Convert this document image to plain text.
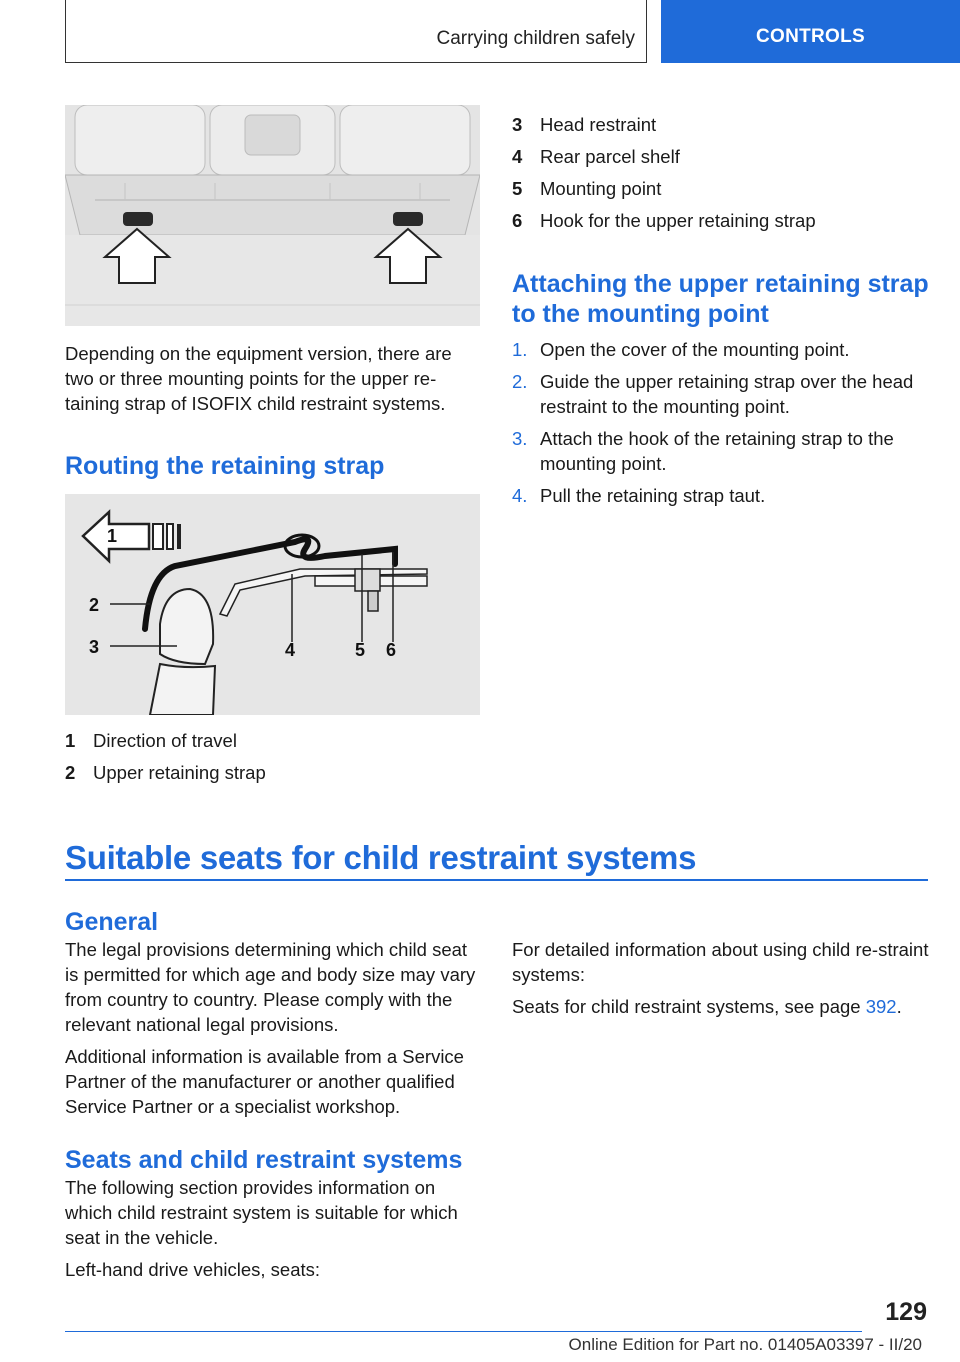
Carrying children safely	CONTROLS
Depending on the equipment version, there are two or three mounting points for the upper re-taining strap of ISOFIX child restraint systems.
Routing the retaining strap
1
2
3	4	5 6
1 Direction of travel
2 Upper retaining strap
3 Head restraint
4 Rear parcel shelf
5 Mounting point
6 Hook for the upper retaining strap
Attaching the upper retaining strap to the mounting point
1. Open the cover of the mounting point.
2. Guide the upper retaining strap over the head restraint to the mounting point.
3. Attach the hook of the retaining strap to the mounting point.
4. Pull the retaining strap taut.
Suitable seats for child restraint systems
General
The legal provisions determining which child seat is permitted for which age and body size may vary from country to country. Please comply with the relevant national legal provisions.
Additional information is available from a Service Partner of the manufacturer or another qualified Service Partner or a specialist workshop.
Seats and child restraint systems
The following section provides information on which child restraint system is suitable for which seat in the vehicle.
Left-hand drive vehicles, seats:
For detailed information about using child re-straint systems:
Seats for child restraint systems, see page 392.
129
Online Edition for Part no. 01405A03397 - II/20
